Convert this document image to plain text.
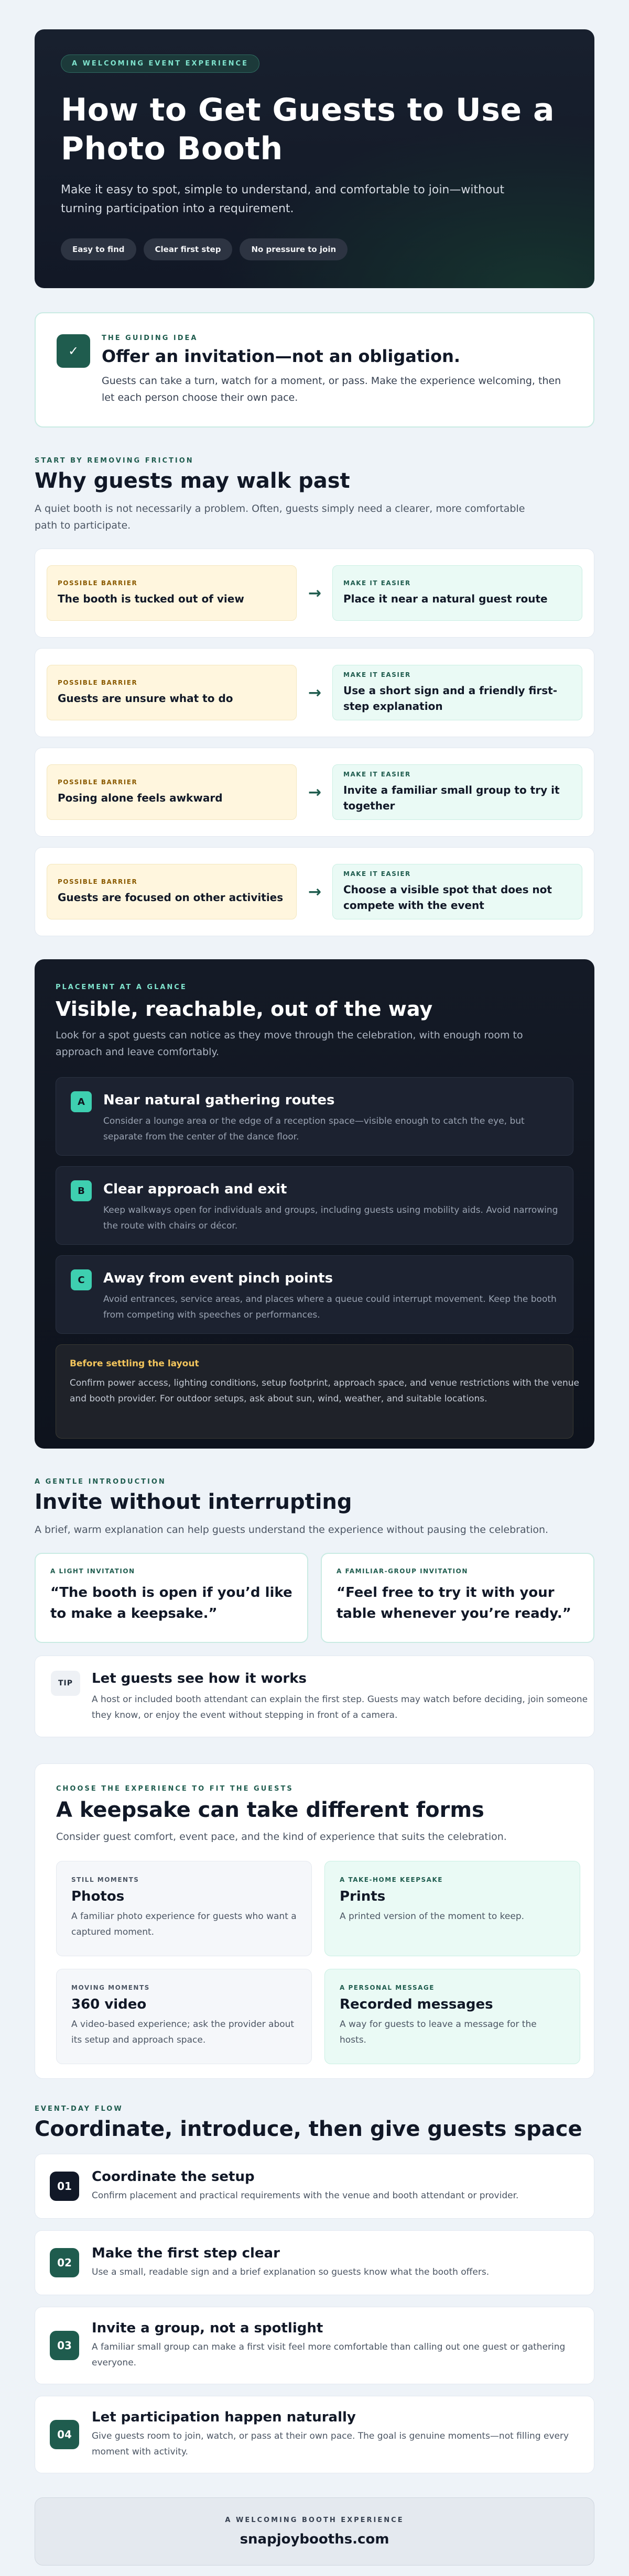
A WELCOMING EVENT EXPERIENCE
How to Get Guests to Use a Photo Booth

Make it easy to spot, simple to understand, and comfortable to join—without turning participation into a requirement.

Easy to find	Clear first step	No pressure to join
✓
THE GUIDING IDEA
Offer an invitation—not an obligation.

Guests can take a turn, watch for a moment, or pass. Make the experience welcoming, then let each person choose their own pace.

START BY REMOVING FRICTION
Why guests may walk past

A quiet booth is not necessarily a problem. Often, guests simply need a clearer, more comfortable path to participate.

POSSIBLE BARRIER
The booth is tucked out of view	→
MAKE IT EASIER
Place it near a natural guest route
POSSIBLE BARRIER
Guests are unsure what to do	→
MAKE IT EASIER
Use a short sign and a friendly first-step explanation
POSSIBLE BARRIER
Posing alone feels awkward	→
MAKE IT EASIER
Invite a familiar small group to try it together
POSSIBLE BARRIER
Guests are focused on other activities →
MAKE IT EASIER
Choose a visible spot that does not compete with the event
PLACEMENT AT A GLANCE
Visible, reachable, out of the way

Look for a spot guests can notice as they move through the celebration, with enough room to approach and leave comfortably.

A	Near natural gathering routes

Consider a lounge area or the edge of a reception space—visible enough to catch the eye, but separate from the center of the dance floor.

B	Clear approach and exit

Keep walkways open for individuals and groups, including guests using mobility aids. Avoid narrowing the route with chairs or décor.

C	Away from event pinch points

Avoid entrances, service areas, and places where a queue could interrupt movement. Keep the booth from competing with speeches or performances.

Before settling the layout

Confirm power access, lighting conditions, setup footprint, approach space, and venue restrictions with the venue and booth provider. For outdoor setups, ask about sun, wind, weather, and suitable locations.

A GENTLE INTRODUCTION
Invite without interrupting

A brief, warm explanation can help guests understand the experience without pausing the celebration.

A LIGHT INVITATION
“The booth is open if you’d like to make a keepsake.”
A FAMILIAR-GROUP INVITATION
“Feel free to try it with your table whenever you’re ready.”
TIP	Let guests see how it works

A host or included booth attendant can explain the first step. Guests may watch before deciding, join someone they know, or enjoy the event without stepping in front of a camera.

CHOOSE THE EXPERIENCE TO FIT THE GUESTS
A keepsake can take different forms

Consider guest comfort, event pace, and the kind of experience that suits the celebration.

STILL MOMENTS
Photos

A familiar photo experience for guests who want a captured moment.

A TAKE-HOME KEEPSAKE
Prints

A printed version of the moment to keep.

MOVING MOMENTS
360 video

A video-based experience; ask the provider about its setup and approach space.

A PERSONAL MESSAGE
Recorded messages

A way for guests to leave a message for the hosts.

EVENT-DAY FLOW
Coordinate, introduce, then give guests space
01
Coordinate the setup

Confirm placement and practical requirements with the venue and booth attendant or provider.

02
Make the first step clear

Use a small, readable sign and a brief explanation so guests know what the booth offers.

03
Invite a group, not a spotlight

A familiar small group can make a first visit feel more comfortable than calling out one guest or gathering everyone.

04
Let participation happen naturally

Give guests room to join, watch, or pass at their own pace. The goal is genuine moments—not filling every moment with activity.

A WELCOMING BOOTH EXPERIENCE
snapjoybooths.com
